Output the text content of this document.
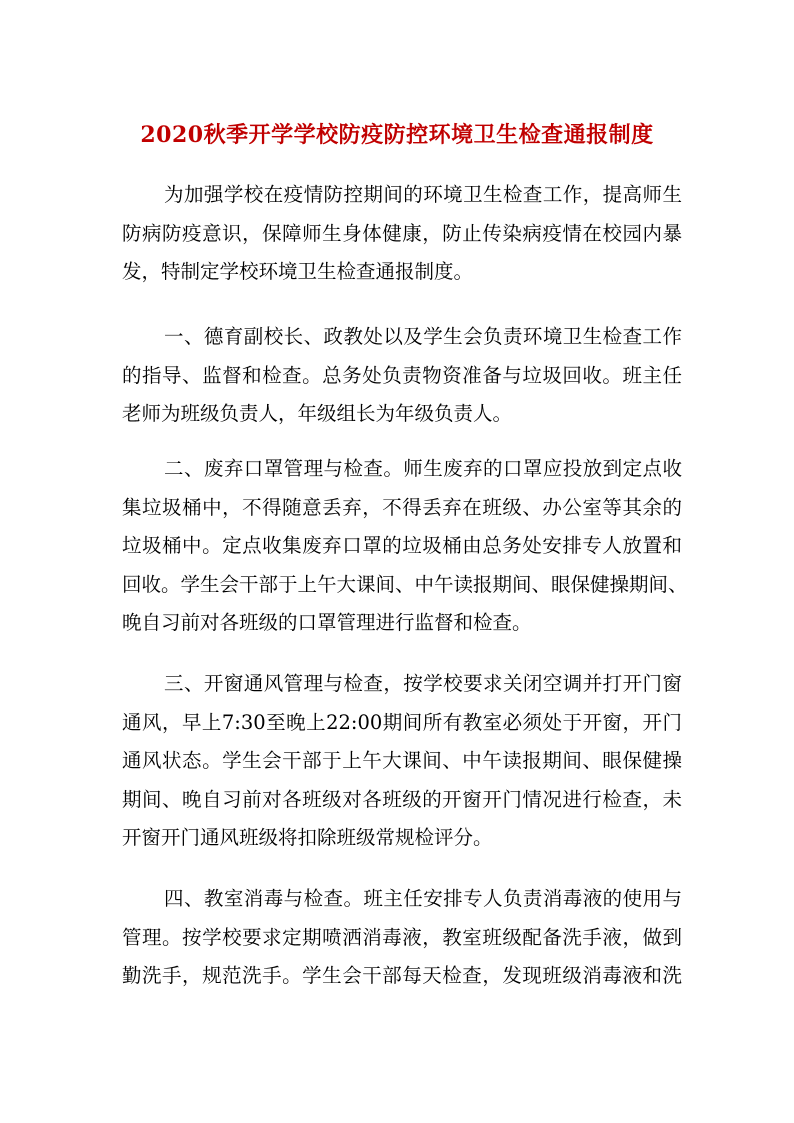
2020秋季开学学校防疫防控环境卫生检查通报制度
为加强学校在疫情防控期间的环境卫生检查工作，提高师生
防病防疫意识，保障师生身体健康，防止传染病疫情在校园内暴
发，特制定学校环境卫生检查通报制度。
一、德育副校长、政教处以及学生会负责环境卫生检查工作
的指导、监督和检查。总务处负责物资准备与垃圾回收。班主任
老师为班级负责人，年级组长为年级负责人。
二、废弃口罩管理与检查。师生废弃的口罩应投放到定点收
集垃圾桶中，不得随意丢弃，不得丢弃在班级、办公室等其余的
垃圾桶中。定点收集废弃口罩的垃圾桶由总务处安排专人放置和
回收。学生会干部于上午大课间、中午读报期间、眼保健操期间、
晚自习前对各班级的口罩管理进行监督和检查。
三、开窗通风管理与检查，按学校要求关闭空调并打开门窗
通风，早上7:30至晚上22:00期间所有教室必须处于开窗，开门
通风状态。学生会干部于上午大课间、中午读报期间、眼保健操
期间、晚自习前对各班级对各班级的开窗开门情况进行检查，未
开窗开门通风班级将扣除班级常规检评分。
四、教室消毒与检查。班主任安排专人负责消毒液的使用与
管理。按学校要求定期喷洒消毒液，教室班级配备洗手液，做到
勤洗手，规范洗手。学生会干部每天检查，发现班级消毒液和洗
